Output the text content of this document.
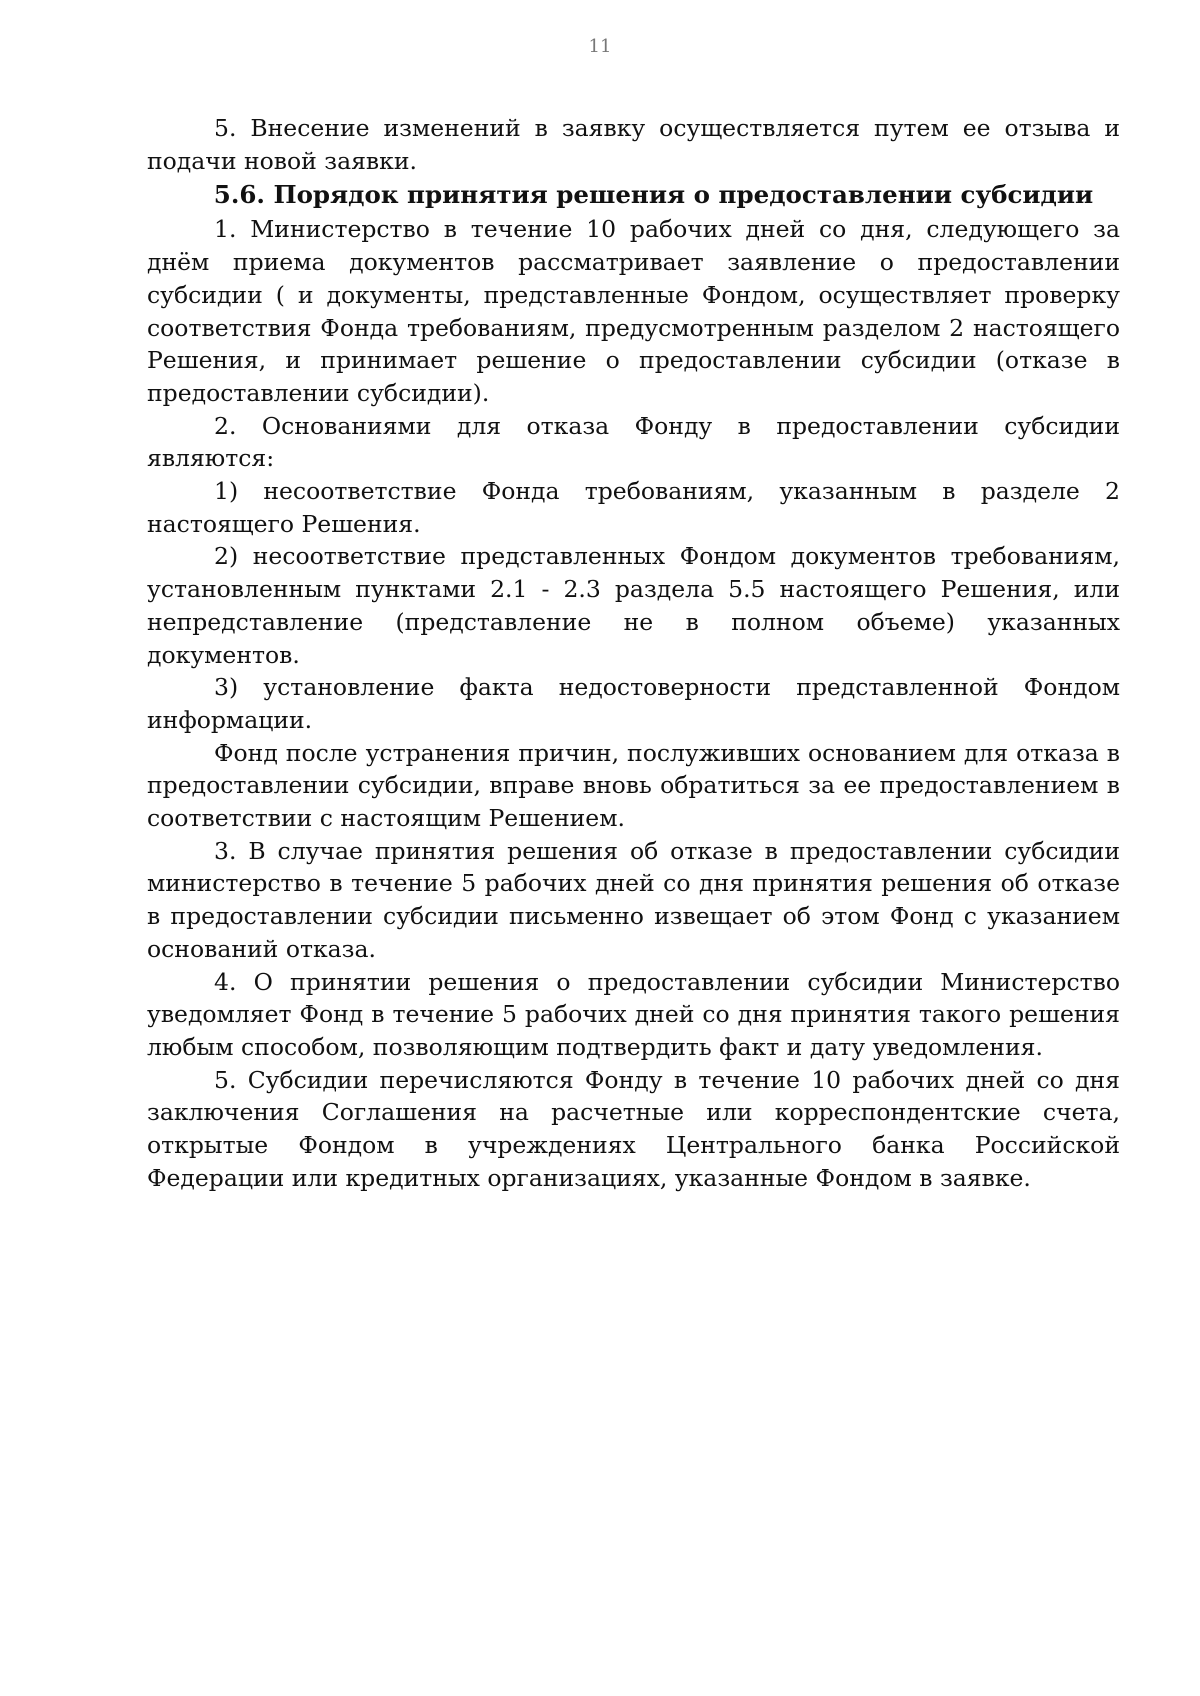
11

5. Внесение изменений в заявку осуществляется путем ее отзыва и подачи новой заявки.

5.6. Порядок принятия решения о предоставлении субсидии

1. Министерство в течение 10 рабочих дней со дня, следующего за днём приема документов рассматривает заявление о предоставлении субсидии ( и документы, представленные Фондом, осуществляет проверку соответствия Фонда требованиям, предусмотренным разделом 2 настоящего Решения, и принимает решение о предоставлении субсидии (отказе в предоставлении субсидии).

2. Основаниями для отказа Фонду в предоставлении субсидии являются:

1) несоответствие Фонда требованиям, указанным в разделе 2 настоящего Решения.

2) несоответствие представленных Фондом документов требованиям, установленным пунктами 2.1 - 2.3 раздела 5.5 настоящего Решения, или непредставление (представление не в полном объеме) указанных документов.

3) установление факта недостоверности представленной Фондом информации.

Фонд после устранения причин, послуживших основанием для отказа в предоставлении субсидии, вправе вновь обратиться за ее предоставлением в соответствии с настоящим Решением.

3. В случае принятия решения об отказе в предоставлении субсидии министерство в течение 5 рабочих дней со дня принятия решения об отказе в предоставлении субсидии письменно извещает об этом Фонд с указанием оснований отказа.

4. О принятии решения о предоставлении субсидии Министерство уведомляет Фонд в течение 5 рабочих дней со дня принятия такого решения любым способом, позволяющим подтвердить факт и дату уведомления.

5. Субсидии перечисляются Фонду в течение 10 рабочих дней со дня заключения Соглашения на расчетные или корреспондентские счета, открытые Фондом в учреждениях Центрального банка Российской Федерации или кредитных организациях, указанные Фондом в заявке.
